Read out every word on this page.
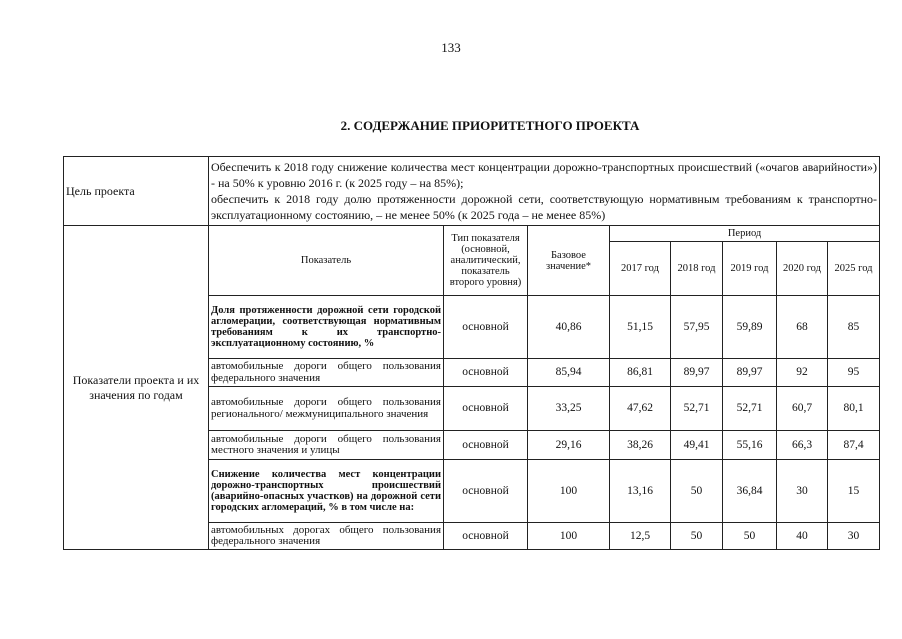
133
2. СОДЕРЖАНИЕ ПРИОРИТЕТНОГО ПРОЕКТА
Цель проекта	Обеспечить к 2018 году снижение количества мест концентрации дорожно-транспортных происшествий («очагов аварийности») - на 50% к уровню 2016 г. (к 2025 году – на 85%);
обеспечить к 2018 году долю протяженности дорожной сети, соответствующую нормативным требованиям к транспортно-эксплуатационному состоянию, – не менее 50% (к 2025 года – не менее 85%)							

Показатели проекта и их значения по годам	Показатель	Тип показателя (основной, аналитический, показатель второго уровня)	Базовое значение*	Период				
				2017 год	2018 год	2019 год	2020 год	2025 год
	Доля протяженности дорожной сети городской агломерации, соответствующая нормативным требованиям к их транспортно-эксплуатационному состоянию, %	основной	40,86	51,15	57,95	59,89	68	85
	автомобильные дороги общего пользования федерального значения	основной	85,94	86,81	89,97	89,97	92	95
	автомобильные дороги общего пользования регионального/ межмуниципального значения	основной	33,25	47,62	52,71	52,71	60,7	80,1
	автомобильные дороги общего пользования местного значения и улицы	основной	29,16	38,26	49,41	55,16	66,3	87,4
	Снижение количества мест концентрации дорожно-транспортных происшествий (аварийно-опасных участков) на дорожной сети городских агломераций, % в том числе на:	основной	100	13,16	50	36,84	30	15
	автомобильных дорогах общего пользования федерального значения	основной	100	12,5	50	50	40	30
